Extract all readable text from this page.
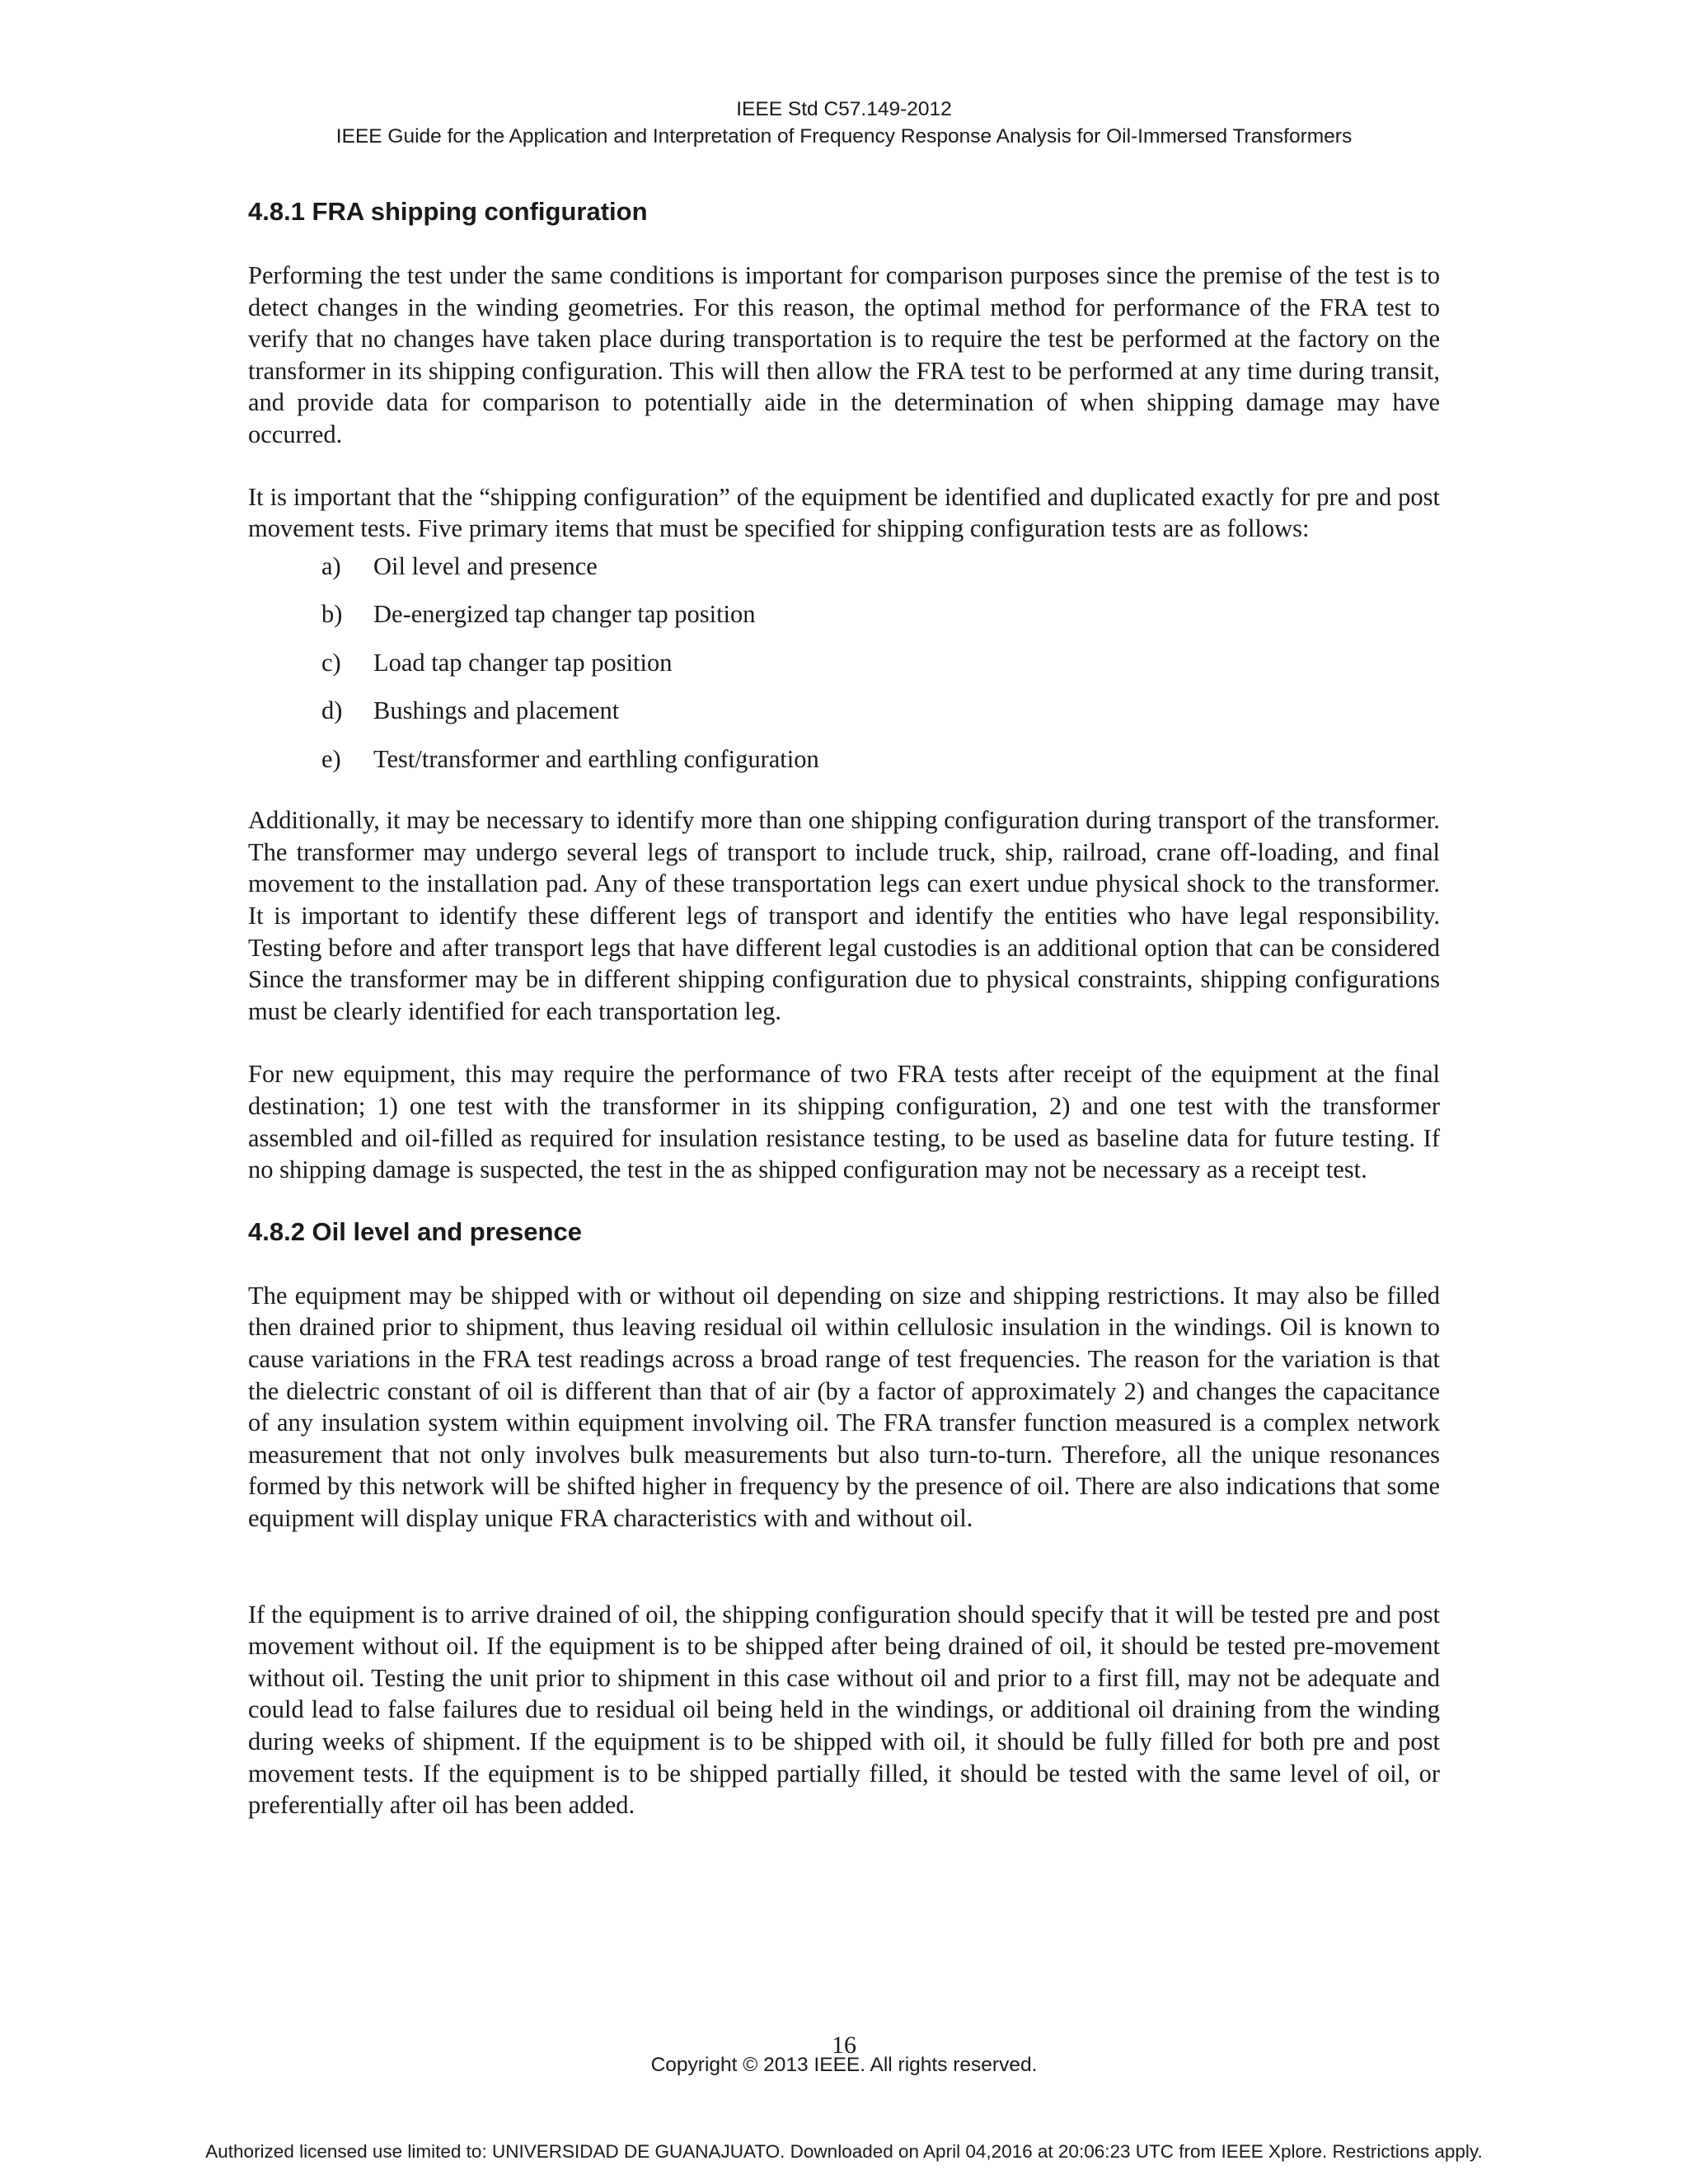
IEEE Std C57.149-2012
IEEE Guide for the Application and Interpretation of Frequency Response Analysis for Oil-Immersed Transformers
4.8.1 FRA shipping configuration

Performing the test under the same conditions is important for comparison purposes since the premise of the test is to detect changes in the winding geometries. For this reason, the optimal method for performance of the FRA test to verify that no changes have taken place during transportation is to require the test be performed at the factory on the transformer in its shipping configuration. This will then allow the FRA test to be performed at any time during transit, and provide data for comparison to potentially aide in the determination of when shipping damage may have occurred.

It is important that the “shipping configuration” of the equipment be identified and duplicated exactly for pre and post movement tests. Five primary items that must be specified for shipping configuration tests are as follows:

a)	Oil level and presence
b)	De-energized tap changer tap position
c)	Load tap changer tap position
d)	Bushings and placement
e)	Test/transformer and earthling configuration

Additionally, it may be necessary to identify more than one shipping configuration during transport of the transformer. The transformer may undergo several legs of transport to include truck, ship, railroad, crane off-loading, and final movement to the installation pad. Any of these transportation legs can exert undue physical shock to the transformer. It is important to identify these different legs of transport and identify the entities who have legal responsibility. Testing before and after transport legs that have different legal custodies is an additional option that can be considered Since the transformer may be in different shipping configuration due to physical constraints, shipping configurations must be clearly identified for each transportation leg.

For new equipment, this may require the performance of two FRA tests after receipt of the equipment at the final destination; 1) one test with the transformer in its shipping configuration, 2) and one test with the transformer assembled and oil-filled as required for insulation resistance testing, to be used as baseline data for future testing. If no shipping damage is suspected, the test in the as shipped configuration may not be necessary as a receipt test.

4.8.2 Oil level and presence

The equipment may be shipped with or without oil depending on size and shipping restrictions. It may also be filled then drained prior to shipment, thus leaving residual oil within cellulosic insulation in the windings. Oil is known to cause variations in the FRA test readings across a broad range of test frequencies. The reason for the variation is that the dielectric constant of oil is different than that of air (by a factor of approximately 2) and changes the capacitance of any insulation system within equipment involving oil. The FRA transfer function measured is a complex network measurement that not only involves bulk measurements but also turn-to-turn. Therefore, all the unique resonances formed by this network will be shifted higher in frequency by the presence of oil. There are also indications that some equipment will display unique FRA characteristics with and without oil.

If the equipment is to arrive drained of oil, the shipping configuration should specify that it will be tested pre and post movement without oil. If the equipment is to be shipped after being drained of oil, it should be tested pre-movement without oil. Testing the unit prior to shipment in this case without oil and prior to a first fill, may not be adequate and could lead to false failures due to residual oil being held in the windings, or additional oil draining from the winding during weeks of shipment. If the equipment is to be shipped with oil, it should be fully filled for both pre and post movement tests. If the equipment is to be shipped partially filled, it should be tested with the same level of oil, or preferentially after oil has been added.

16
Copyright © 2013 IEEE. All rights reserved.
Authorized licensed use limited to: UNIVERSIDAD DE GUANAJUATO. Downloaded on April 04,2016 at 20:06:23 UTC from IEEE Xplore. Restrictions apply.
